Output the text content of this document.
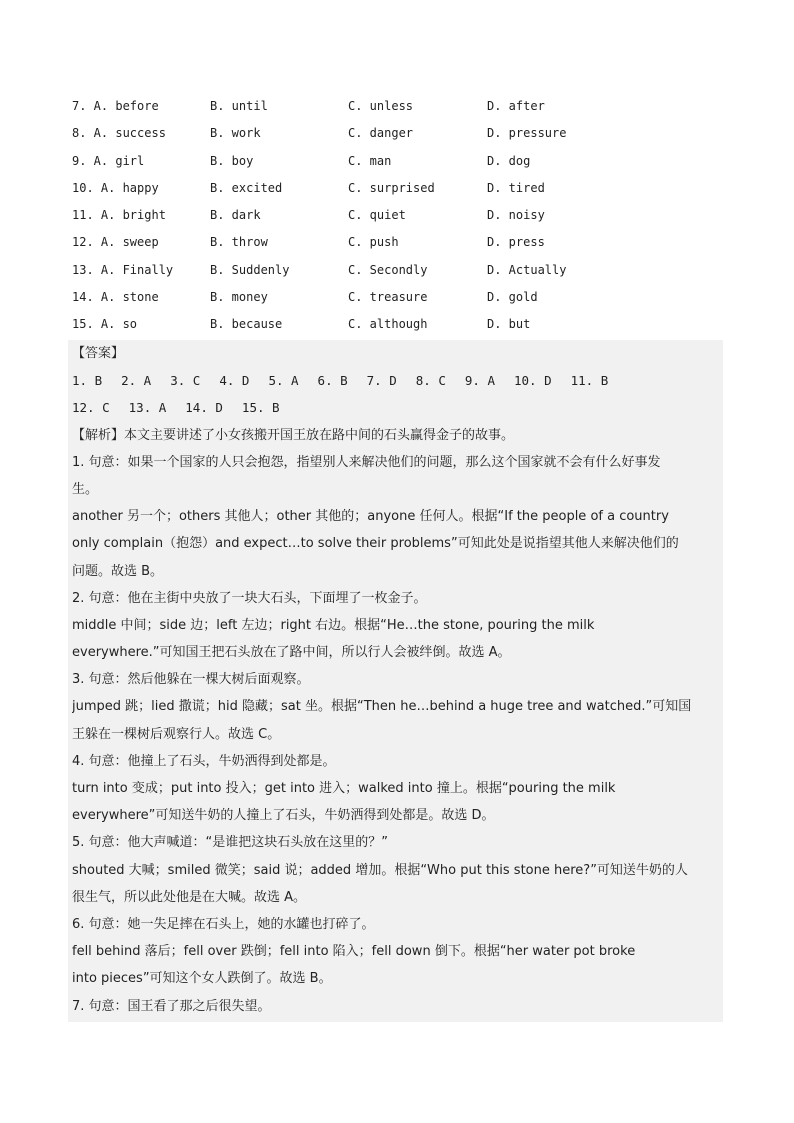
7. A. before	B. until	C. unless	D. after
8. A. success	B. work	C. danger	D. pressure
9. A. girl	B. boy	C. man	D. dog
10. A. happy	B. excited	C. surprised	D. tired
11. A. bright	B. dark	C. quiet	D. noisy
12. A. sweep	B. throw	C. push	D. press
13. A. Finally	B. Suddenly	C. Secondly	D. Actually
14. A. stone	B. money	C. treasure	D. gold
15. A. so	B. because	C. although	D. but
【答案】
1. B 2. A 3. C 4. D 5. A 6. B 7. D 8. C 9. A 10. D 11. B
12. C 13. A 14. D 15. B
【解析】本文主要讲述了小女孩搬开国王放在路中间的石头赢得金子的故事。
1. 句意：如果一个国家的人只会抱怨，指望别人来解决他们的问题，那么这个国家就不会有什么好事发
生。
another 另一个；others 其他人；other 其他的；anyone 任何人。根据“If the people of a country
only complain（抱怨）and expect…to solve their problems”可知此处是说指望其他人来解决他们的
问题。故选 B。
2. 句意：他在主街中央放了一块大石头，下面埋了一枚金子。
middle 中间；side 边；left 左边；right 右边。根据“He…the stone, pouring the milk
everywhere.”可知国王把石头放在了路中间，所以行人会被绊倒。故选 A。
3. 句意：然后他躲在一棵大树后面观察。
jumped 跳；lied 撒谎；hid 隐藏；sat 坐。根据“Then he…behind a huge tree and watched.”可知国
王躲在一棵树后观察行人。故选 C。
4. 句意：他撞上了石头，牛奶洒得到处都是。
turn into 变成；put into 投入；get into 进入；walked into 撞上。根据“pouring the milk
everywhere”可知送牛奶的人撞上了石头，牛奶洒得到处都是。故选 D。
5. 句意：他大声喊道：“是谁把这块石头放在这里的？”
shouted 大喊；smiled 微笑；said 说；added 增加。根据“Who put this stone here?”可知送牛奶的人
很生气，所以此处他是在大喊。故选 A。
6. 句意：她一失足摔在石头上，她的水罐也打碎了。
fell behind 落后；fell over 跌倒；fell into 陷入；fell down 倒下。根据“her water pot broke
into pieces”可知这个女人跌倒了。故选 B。
7. 句意：国王看了那之后很失望。
